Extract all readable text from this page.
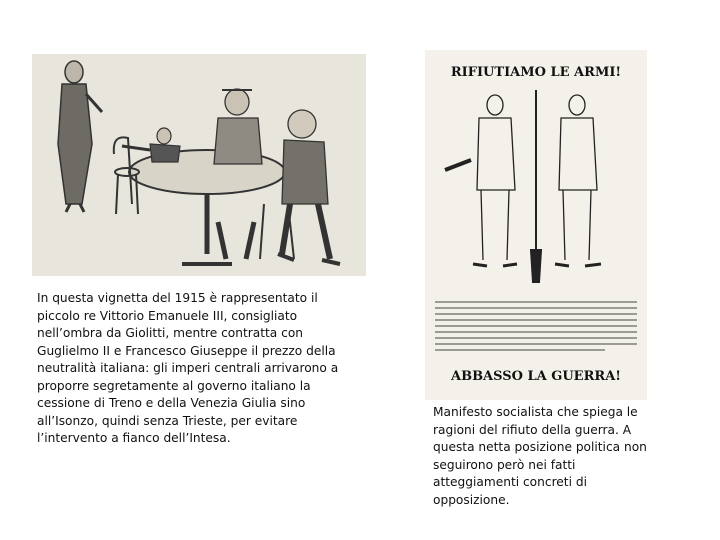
In questa vignetta del 1915 è rappresentato il piccolo re Vittorio Emanuele III, consigliato nell’ombra da Giolitti, mentre contratta con Guglielmo II e Francesco Giuseppe il prezzo della neutralità italiana: gli imperi centrali arrivarono a proporre segretamente al governo italiano la cessione di Treno e della Venezia Giulia sino all’Isonzo, quindi senza Trieste, per evitare l’intervento a fianco dell’Intesa.

RIFIUTIAMO LE ARMI!
ABBASSO LA GUERRA!

Manifesto socialista che spiega le ragioni del rifiuto della guerra. A questa netta posizione politica non seguirono però nei fatti atteggiamenti concreti di opposizione.
